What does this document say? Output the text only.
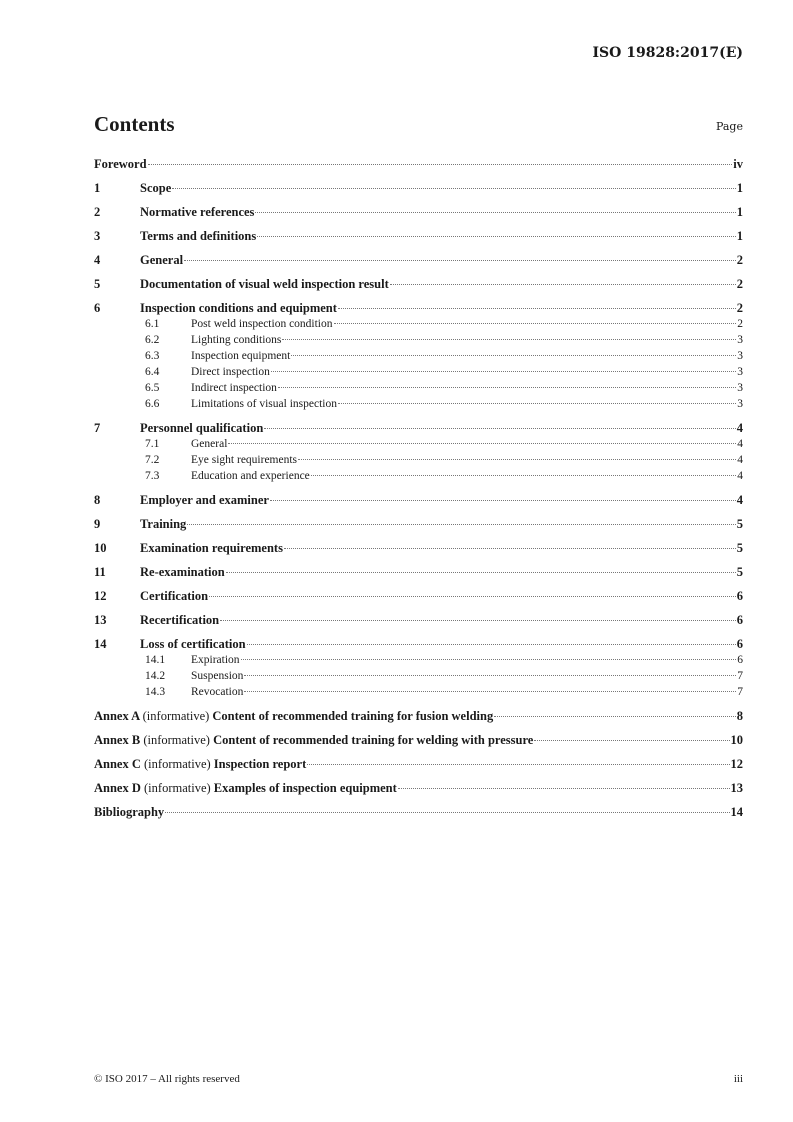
ISO 19828:2017(E)
Contents	Page
Foreword	iv
1	Scope	1
2	Normative references	1
3	Terms and definitions	1
4	General	2
5	Documentation of visual weld inspection result	2
6	Inspection conditions and equipment	2
6.1	Post weld inspection condition	2
6.2	Lighting conditions	3
6.3	Inspection equipment	3
6.4	Direct inspection	3
6.5	Indirect inspection	3
6.6	Limitations of visual inspection	3
7	Personnel qualification	4
7.1	General	4
7.2	Eye sight requirements	4
7.3	Education and experience	4
8	Employer and examiner	4
9	Training	5
10	Examination requirements	5
11	Re-examination	5
12	Certification	6
13	Recertification	6
14	Loss of certification	6
14.1	Expiration	6
14.2	Suspension	7
14.3	Revocation	7
Annex A (informative) Content of recommended training for fusion welding	8
Annex B (informative) Content of recommended training for welding with pressure	10
Annex C (informative) Inspection report	12
Annex D (informative) Examples of inspection equipment	13
Bibliography	14
© ISO 2017 – All rights reserved	iii
